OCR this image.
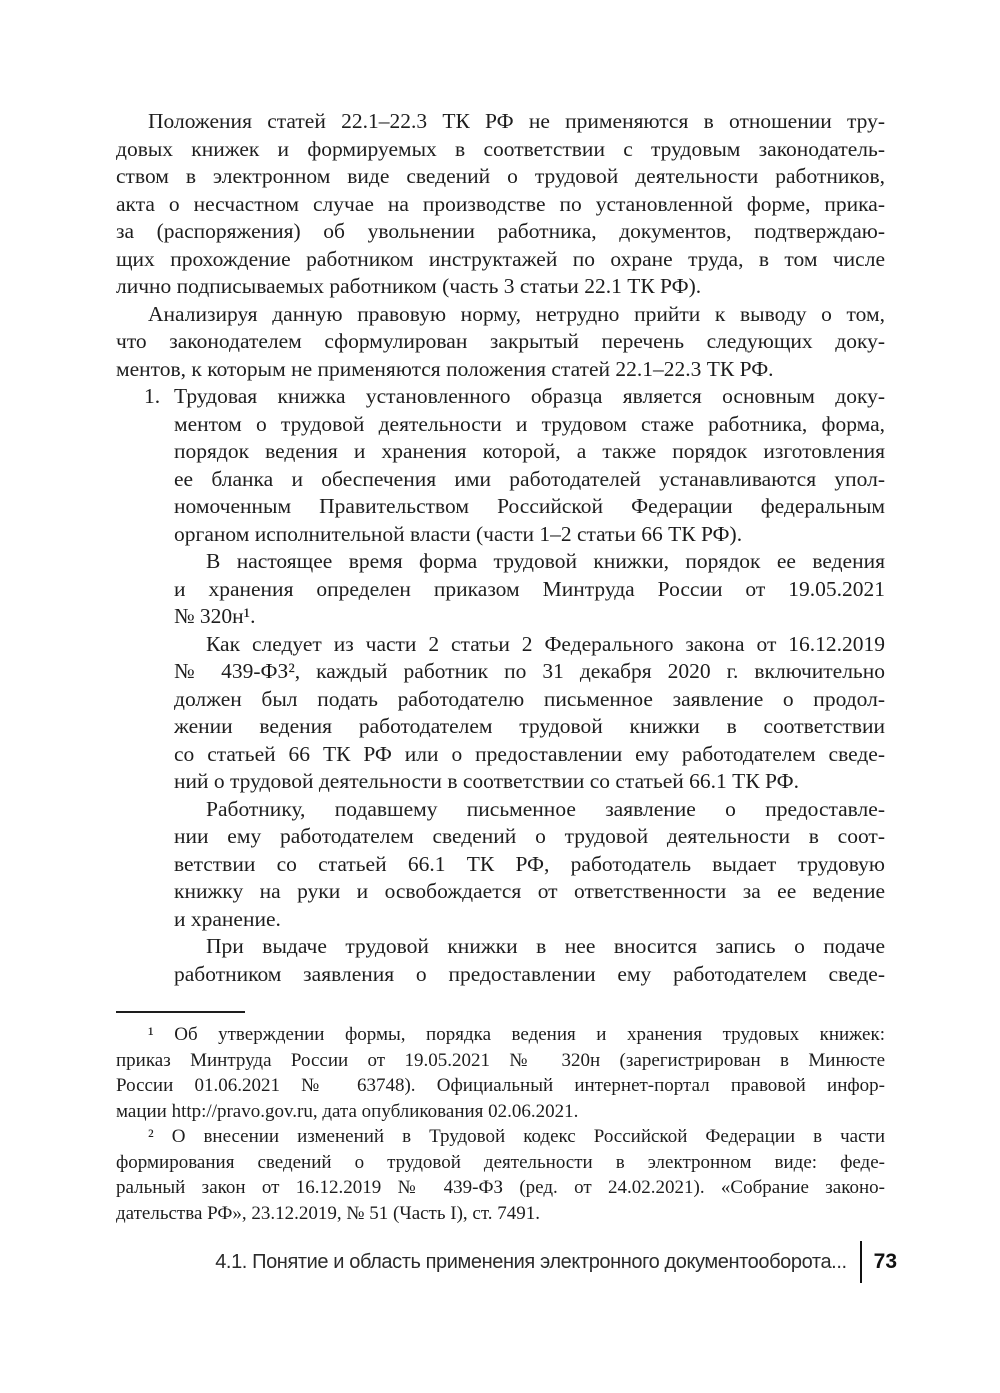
Положения статей 22.1–22.3 ТК РФ не применяются в отношении тру-
довых книжек и формируемых в соответствии с трудовым законодатель-
ством в электронном виде сведений о трудовой деятельности работников,
акта о несчастном случае на производстве по установленной форме, прика-
за (распоряжения) об увольнении работника, документов, подтверждаю-
щих прохождение работником инструктажей по охране труда, в том числе
лично подписываемых работником (часть 3 статьи 22.1 ТК РФ).
Анализируя данную правовую норму, нетрудно прийти к выводу о том,
что законодателем сформулирован закрытый перечень следующих доку-
ментов, к которым не применяются положения статей 22.1–22.3 ТК РФ.
1. Трудовая книжка установленного образца является основным доку-
ментом о трудовой деятельности и трудовом стаже работника, форма,
порядок ведения и хранения которой, а также порядок изготовления
ее бланка и обеспечения ими работодателей устанавливаются упол-
номоченным Правительством Российской Федерации федеральным
органом исполнительной власти (части 1–2 статьи 66 ТК РФ).
В настоящее время форма трудовой книжки, порядок ее ведения
и хранения определен приказом Минтруда России от 19.05.2021
№ 320н¹.
Как следует из части 2 статьи 2 Федерального закона от 16.12.2019
№ 439-ФЗ², каждый работник по 31 декабря 2020 г. включительно
должен был подать работодателю письменное заявление о продол-
жении ведения работодателем трудовой книжки в соответствии
со статьей 66 ТК РФ или о предоставлении ему работодателем сведе-
ний о трудовой деятельности в соответствии со статьей 66.1 ТК РФ.
Работнику, подавшему письменное заявление о предоставле-
нии ему работодателем сведений о трудовой деятельности в соот-
ветствии со статьей 66.1 ТК РФ, работодатель выдает трудовую
книжку на руки и освобождается от ответственности за ее ведение
и хранение.
При выдаче трудовой книжки в нее вносится запись о подаче
работником заявления о предоставлении ему работодателем сведе-
¹ Об утверждении формы, порядка ведения и хранения трудовых книжек:
приказ Минтруда России от 19.05.2021 № 320н (зарегистрирован в Минюсте
России 01.06.2021 № 63748). Официальный интернет-портал правовой инфор-
мации http://pravo.gov.ru, дата опубликования 02.06.2021.
² О внесении изменений в Трудовой кодекс Российской Федерации в части
формирования сведений о трудовой деятельности в электронном виде: феде-
ральный закон от 16.12.2019 № 439-ФЗ (ред. от 24.02.2021). «Собрание законо-
дательства РФ», 23.12.2019, № 51 (Часть I), ст. 7491.
4.1. Понятие и область применения электронного документооборота... 73
